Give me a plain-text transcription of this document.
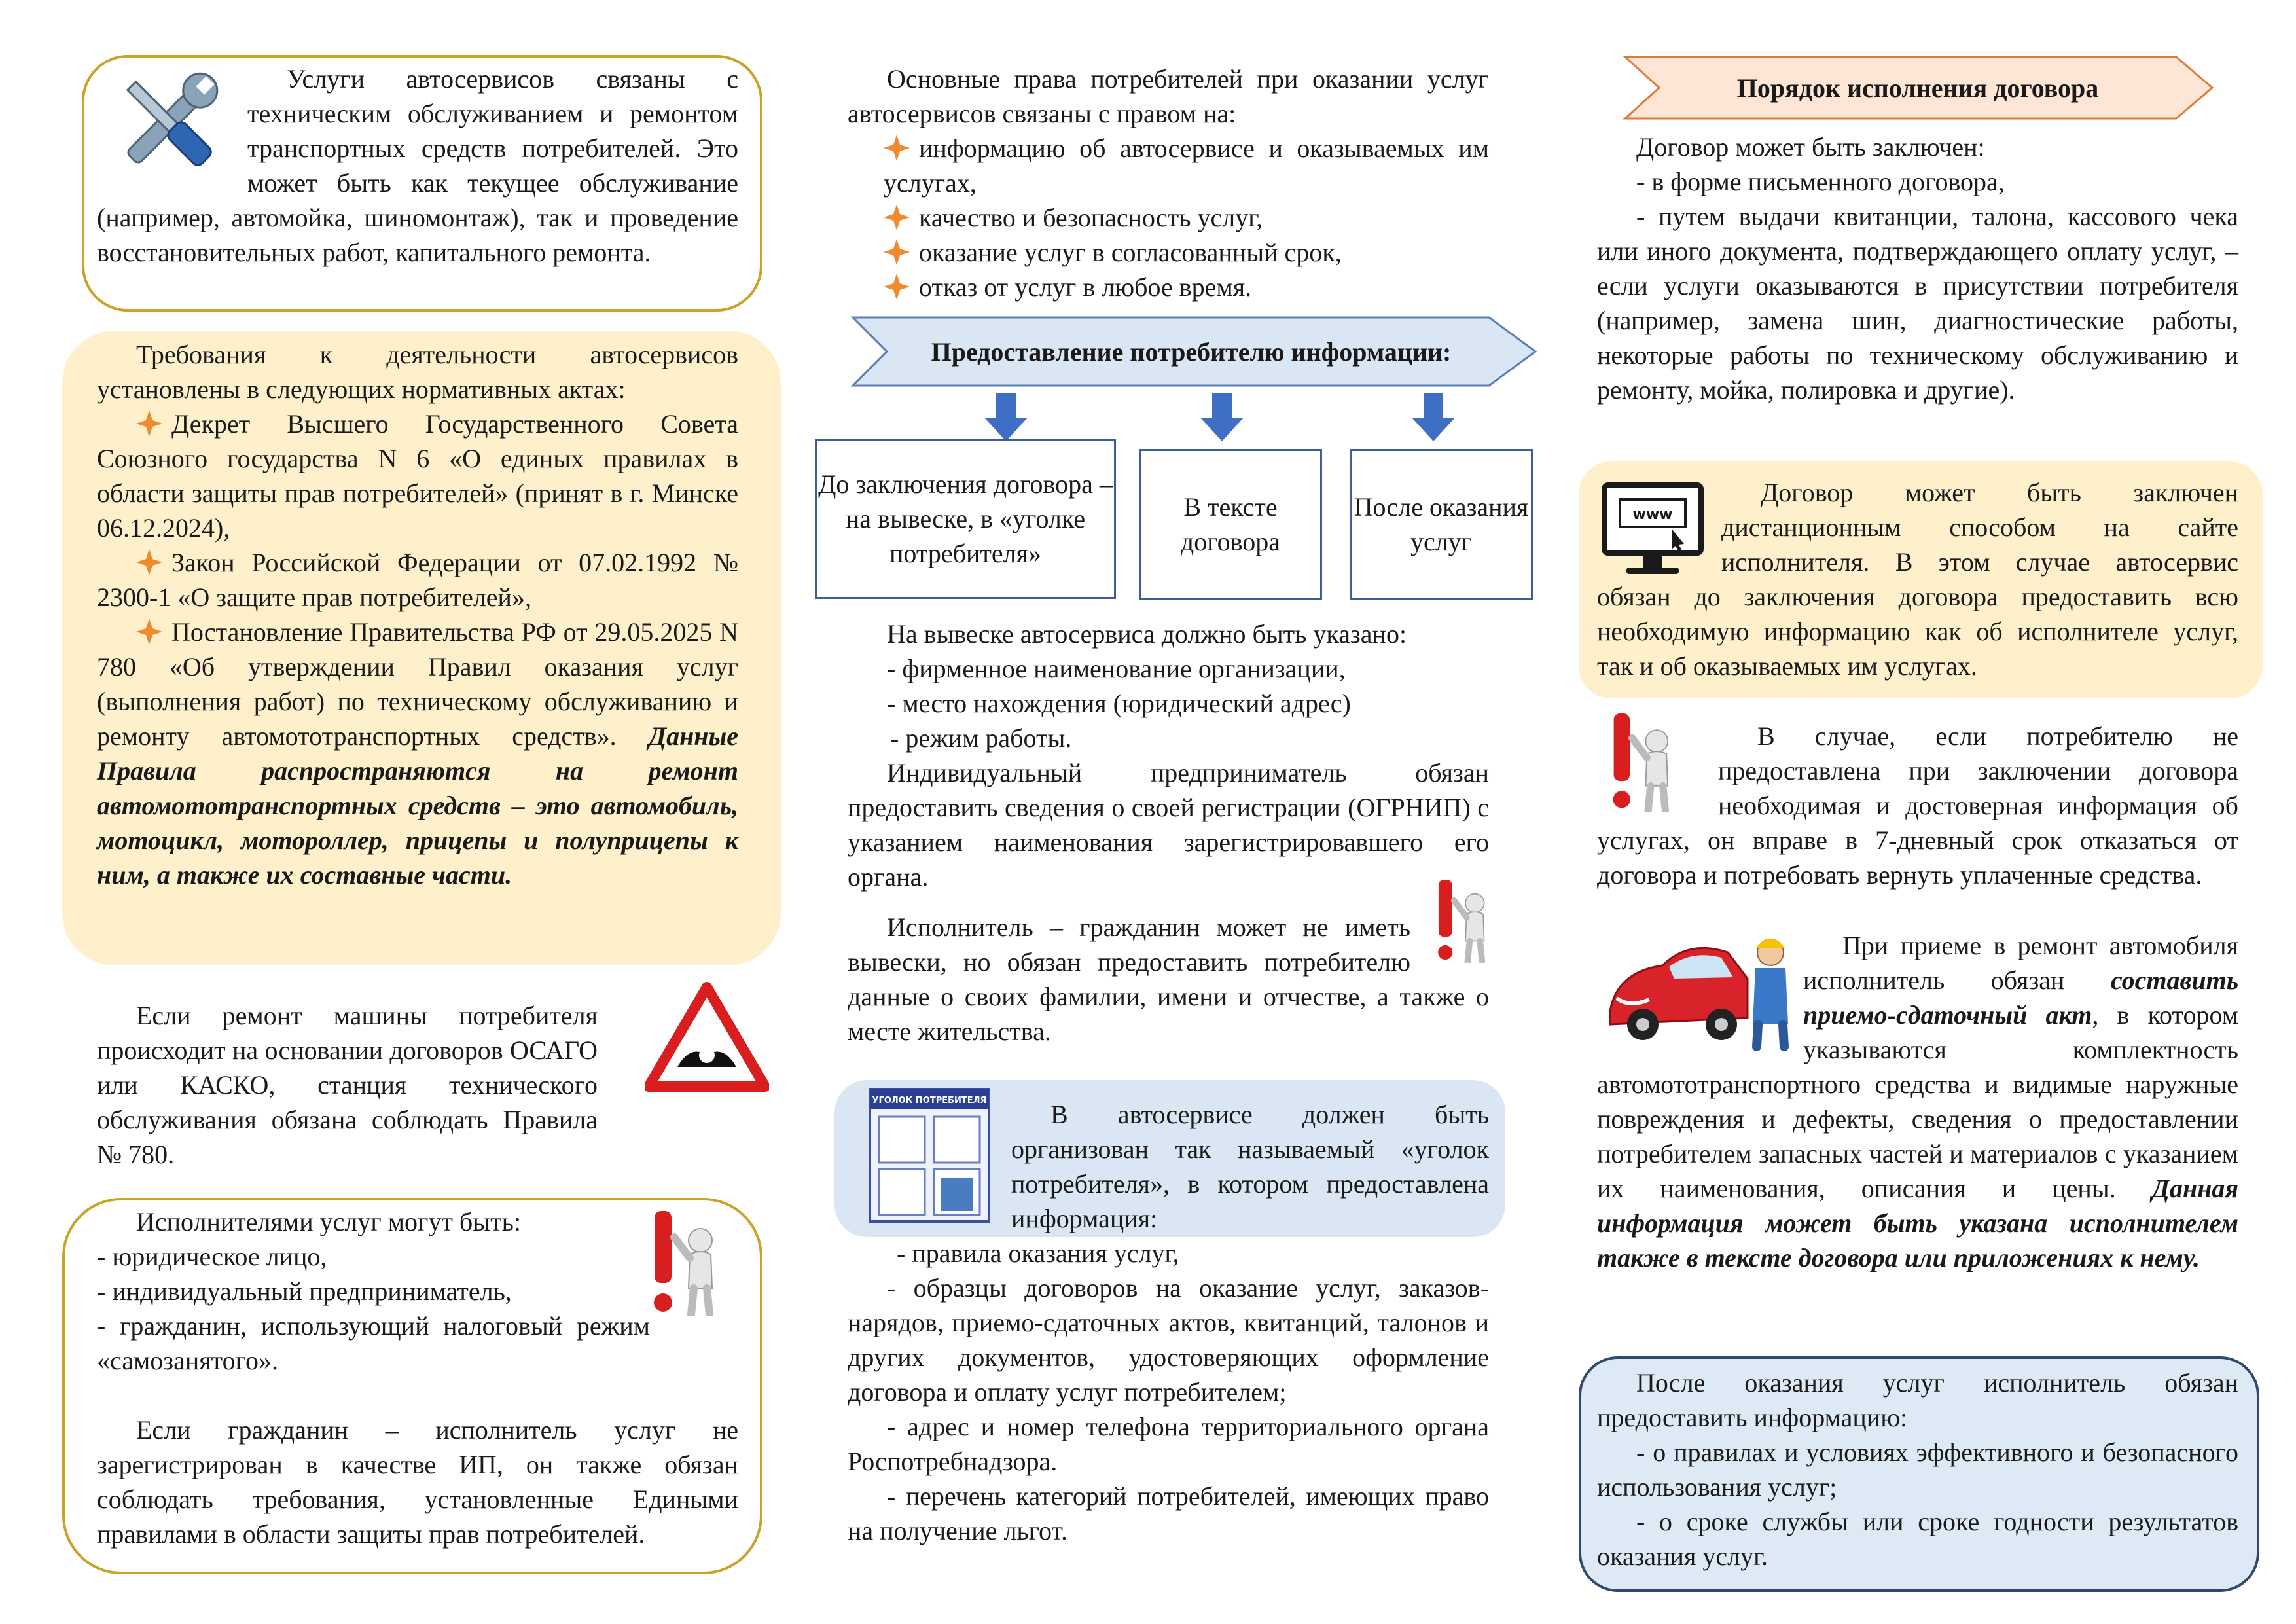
Услуги автосервисов связаны с техническим обслуживанием и ремонтом транспортных средств потребителей. Это может быть как текущее обслуживание (например, автомойка, шиномонтаж), так и проведение восстановительных работ, капитального ремонта.

Требования к деятельности автосервисов установлены в следующих нормативных актах:

Декрет Высшего Государственного Совета Союзного государства N 6 «О единых правилах в области защиты прав потребителей» (принят в г. Минске 06.12.2024),

Закон Российской Федерации от 07.02.1992 № 2300-1 «О защите прав потребителей»,

Постановление Правительства РФ от 29.05.2025 N 780 «Об утверждении Правил оказания услуг (выполнения работ) по техническому обслуживанию и ремонту автомототранспортных средств». Данные Правила распространяются на ремонт автомототранспортных средств – это автомобиль, мотоцикл, мотороллер, прицепы и полуприцепы к ним, а также их составные части.

Если ремонт машины потребителя происходит на основании договоров ОСАГО или КАСКО, станция технического обслуживания обязана соблюдать Правила № 780.

Исполнителями услуг могут быть:

- юридическое лицо,

- индивидуальный предприниматель,

- гражданин, использующий налоговый режим «самозанятого».

Если гражданин – исполнитель услуг не зарегистрирован в качестве ИП, он также обязан соблюдать требования, установленные Едиными правилами в области защиты прав потребителей.

Основные права потребителей при оказании услуг автосервисов связаны с правом на:

информацию об автосервисе и оказываемых им услугах,

качество и безопасность услуг,

оказание услуг в согласованный срок,

отказ от услуг в любое время.

Предоставление потребителю информации:
До заключения договора – на вывеске, в «уголке потребителя»
В тексте договора
После оказания услуг

На вывеске автосервиса должно быть указано:

- фирменное наименование организации,

- место нахождения (юридический адрес)

- режим работы.

Индивидуальный предприниматель обязан предоставить сведения о своей регистрации (ОГРНИП) с указанием наименования зарегистрировавшего его органа.

Исполнитель – гражданин может не иметь вывески, но обязан предоставить потребителю данные о своих фамилии, имени и отчестве, а также о месте жительства.

УГОЛОК ПОТРЕБИТЕЛЯ	В автосервисе должен быть организован так называемый «уголок потребителя», в котором предоставлена информация:

- правила оказания услуг,

- образцы договоров на оказание услуг, заказов-нарядов, приемо-сдаточных актов, квитанций, талонов и других документов, удостоверяющих оформление договора и оплату услуг потребителем;

- адрес и номер телефона территориального органа Роспотребнадзора.

- перечень категорий потребителей, имеющих право на получение льгот.

Порядок исполнения договора

Договор может быть заключен:

- в форме письменного договора,

- путем выдачи квитанции, талона, кассового чека или иного документа, подтверждающего оплату услуг, – если услуги оказываются в присутствии потребителя (например, замена шин, диагностические работы, некоторые работы по техническому обслуживанию и ремонту, мойка, полировка и другие).

www

Договор может быть заключен дистанционным способом на сайте исполнителя. В этом случае автосервис обязан до заключения договора предоставить всю необходимую информацию как об исполнителе услуг, так и об оказываемых им услугах.

В случае, если потребителю не предоставлена при заключении договора необходимая и достоверная информация об услугах, он вправе в 7-дневный срок отказаться от договора и потребовать вернуть уплаченные средства.

При приеме в ремонт автомобиля исполнитель обязан составить приемо-сдаточный акт, в котором указываются комплектность автомототранспортного средства и видимые наружные повреждения и дефекты, сведения о предоставлении потребителем запасных частей и материалов с указанием их наименования, описания и цены. Данная информация может быть указана исполнителем также в тексте договора или приложениях к нему.

После оказания услуг исполнитель обязан предоставить информацию:

- о правилах и условиях эффективного и безопасного использования услуг;

- о сроке службы или сроке годности результатов оказания услуг.
